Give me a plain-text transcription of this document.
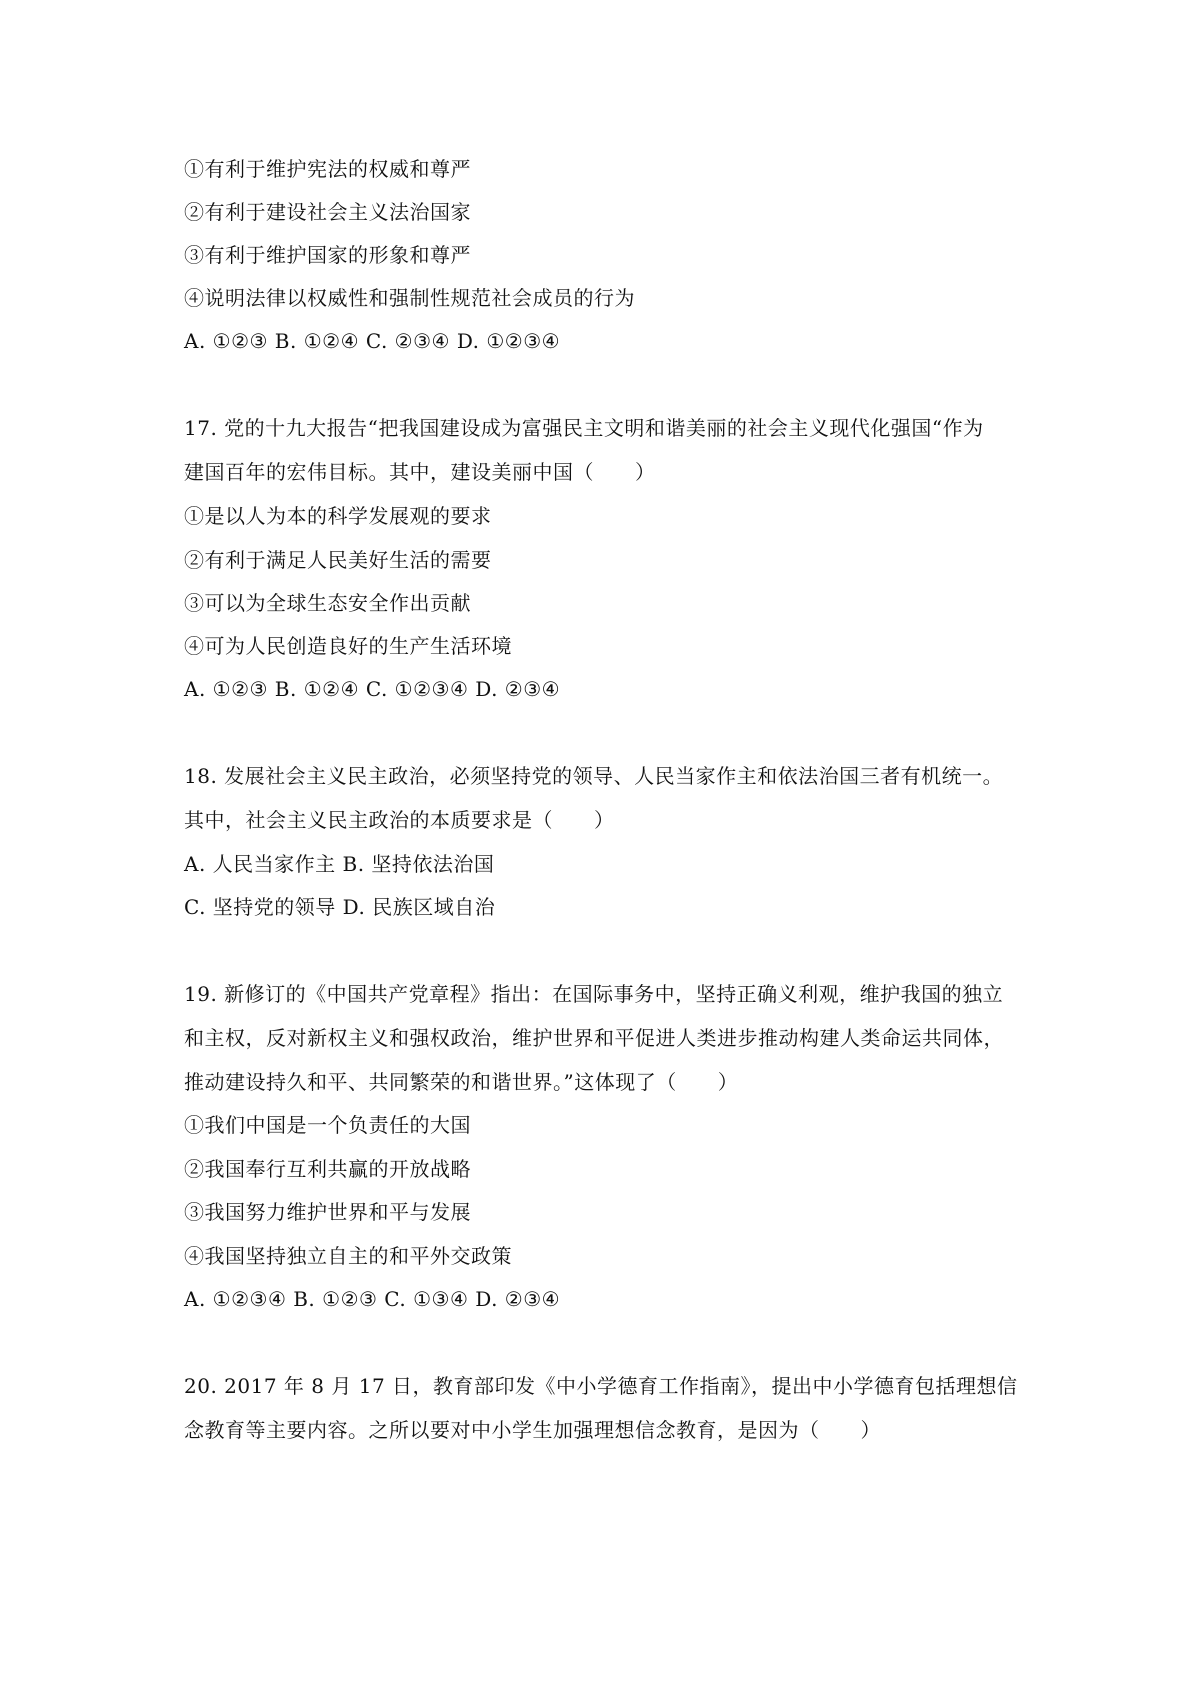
①有利于维护宪法的权威和尊严
②有利于建设社会主义法治国家
③有利于维护国家的形象和尊严
④说明法律以权威性和强制性规范社会成员的行为
A. ①②③ B. ①②④ C. ②③④ D. ①②③④
17. 党的十九大报告“把我国建设成为富强民主文明和谐美丽的社会主义现代化强国“作为
建国百年的宏伟目标。其中，建设美丽中国（　　）
①是以人为本的科学发展观的要求
②有利于满足人民美好生活的需要
③可以为全球生态安全作出贡献
④可为人民创造良好的生产生活环境
A. ①②③ B. ①②④ C. ①②③④ D. ②③④
18. 发展社会主义民主政治，必须坚持党的领导、人民当家作主和依法治国三者有机统一。
其中，社会主义民主政治的本质要求是（　　）
A. 人民当家作主 B. 坚持依法治国
C. 坚持党的领导 D. 民族区域自治
19. 新修订的《中国共产党章程》指出：在国际事务中，坚持正确义利观，维护我国的独立
和主权，反对新权主义和强权政治，维护世界和平促进人类进步推动构建人类命运共同体，
推动建设持久和平、共同繁荣的和谐世界。”这体现了（　　）
①我们中国是一个负责任的大国
②我国奉行互利共赢的开放战略
③我国努力维护世界和平与发展
④我国坚持独立自主的和平外交政策
A. ①②③④ B. ①②③ C. ①③④ D. ②③④
20. 2017 年 8 月 17 日，教育部印发《中小学德育工作指南》，提出中小学德育包括理想信
念教育等主要内容。之所以要对中小学生加强理想信念教育，是因为（　　）
